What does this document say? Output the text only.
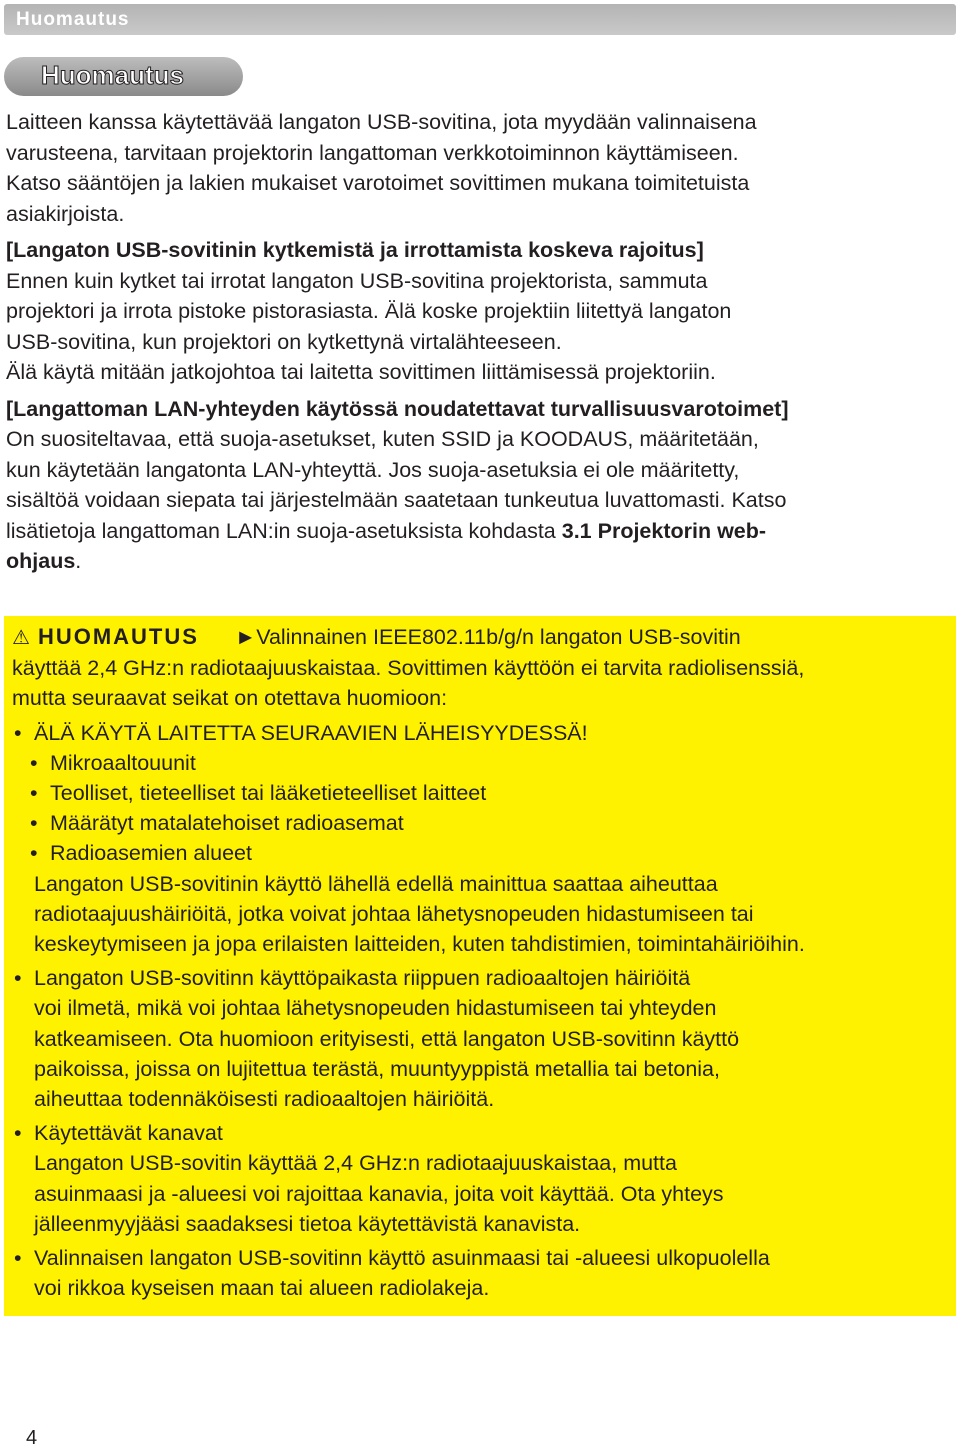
Huomautus
Huomautus

Laitteen kanssa käytettävää langaton USB-sovitina, jota myydään valinnaisena

varusteena, tarvitaan projektorin langattoman verkkotoiminnon käyttämiseen.

Katso sääntöjen ja lakien mukaiset varotoimet sovittimen mukana toimitetuista

asiakirjoista.

[Langaton USB-sovitinin kytkemistä ja irrottamista koskeva rajoitus]

Ennen kuin kytket tai irrotat langaton USB-sovitina projektorista, sammuta

projektori ja irrota pistoke pistorasiasta. Älä koske projektiin liitettyä langaton

USB-sovitina, kun projektori on kytkettynä virtalähteeseen.

Älä käytä mitään jatkojohtoa tai laitetta sovittimen liittämisessä projektoriin.

[Langattoman LAN-yhteyden käytössä noudatettavat turvallisuusvarotoimet]

On suositeltavaa, että suoja-asetukset, kuten SSID ja KOODAUS, määritetään,

kun käytetään langatonta LAN-yhteyttä. Jos suoja-asetuksia ei ole määritetty,

sisältöä voidaan siepata tai järjestelmään saatetaan tunkeutua luvattomasti. Katso

lisätietoja langattoman LAN:in suoja-asetuksista kohdasta 3.1 Projektorin web-

ohjaus.

⚠ HUOMAUTUS ►Valinnainen IEEE802.11b/g/n langaton USB-sovitin

käyttää 2,4 GHz:n radiotaajuuskaistaa. Sovittimen käyttöön ei tarvita radiolisenssiä,

mutta seuraavat seikat on otettava huomioon:

• ÄLÄ KÄYTÄ LAITETTA SEURAAVIEN LÄHEISYYDESSÄ!

• Mikroaaltouunit

• Teolliset, tieteelliset tai lääketieteelliset laitteet

• Määrätyt matalatehoiset radioasemat

• Radioasemien alueet

Langaton USB-sovitinin käyttö lähellä edellä mainittua saattaa aiheuttaa

radiotaajuushäiriöitä, jotka voivat johtaa lähetysnopeuden hidastumiseen tai

keskeytymiseen ja jopa erilaisten laitteiden, kuten tahdistimien, toimintahäiriöihin.

• Langaton USB-sovitinn käyttöpaikasta riippuen radioaaltojen häiriöitä

voi ilmetä, mikä voi johtaa lähetysnopeuden hidastumiseen tai yhteyden

katkeamiseen. Ota huomioon erityisesti, että langaton USB-sovitinn käyttö

paikoissa, joissa on lujitettua terästä, muuntyyppistä metallia tai betonia,

aiheuttaa todennäköisesti radioaaltojen häiriöitä.

• Käytettävät kanavat

Langaton USB-sovitin käyttää 2,4 GHz:n radiotaajuuskaistaa, mutta

asuinmaasi ja -alueesi voi rajoittaa kanavia, joita voit käyttää. Ota yhteys

jälleenmyyjääsi saadaksesi tietoa käytettävistä kanavista.

• Valinnaisen langaton USB-sovitinn käyttö asuinmaasi tai -alueesi ulkopuolella

voi rikkoa kyseisen maan tai alueen radiolakeja.

4
